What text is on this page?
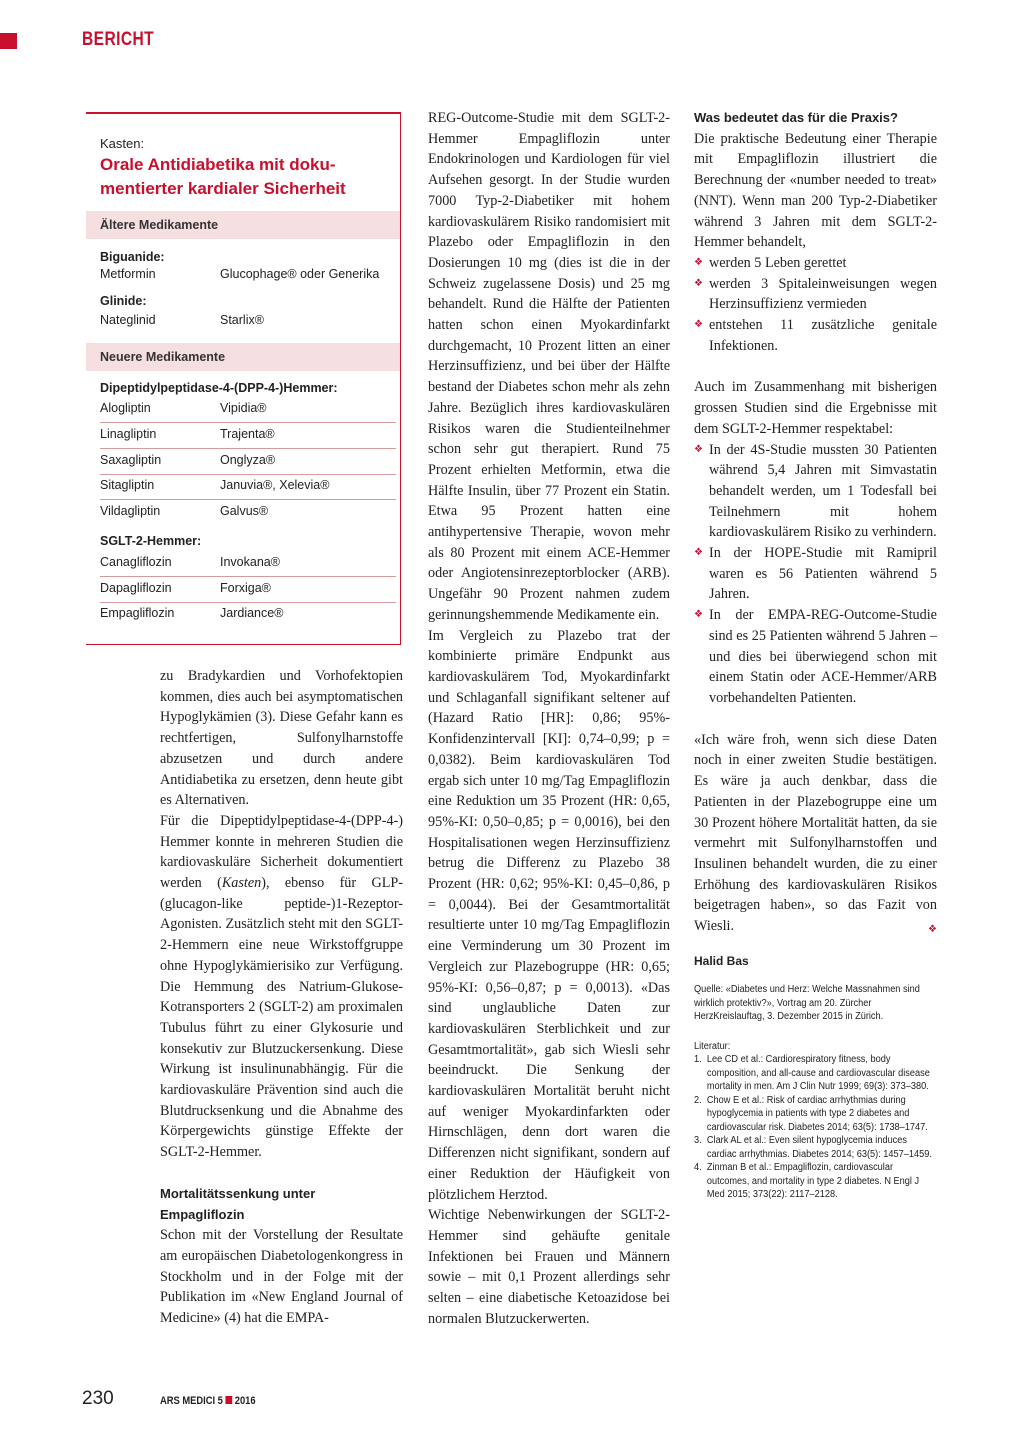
BERICHT
Kasten:
Orale Antidiabetika mit doku-mentierter kardialer Sicherheit
Ältere Medikamente
Biguanide:
Metformin	Glucophage® oder Generika
Glinide:
Nateglinid	Starlix®
Neuere Medikamente
Dipeptidylpeptidase-4-(DPP-4-)Hemmer:
Alogliptin	Vipidia®
Linagliptin	Trajenta®
Saxagliptin	Onglyza®
Sitagliptin	Januvia®, Xelevia®
Vildagliptin	Galvus®
SGLT-2-Hemmer:
Canagliflozin	Invokana®
Dapagliflozin	Forxiga®
Empagliflozin	Jardiance®

zu Bradykardien und Vorhofektopien kommen, dies auch bei asymptomatischen Hypoglykämien (3). Diese Gefahr kann es rechtfertigen, Sulfonylharnstoffe abzusetzen und durch andere Antidiabetika zu ersetzen, denn heute gibt es Alternativen.

Für die Dipeptidylpeptidase-4-(DPP-4-) Hemmer konnte in mehreren Studien die kardiovaskuläre Sicherheit dokumentiert werden (Kasten), ebenso für GLP-(glucagon-like peptide-)1-Rezeptor-Agonisten. Zusätzlich steht mit den SGLT-2-Hemmern eine neue Wirkstoffgruppe ohne Hypoglykämierisiko zur Verfügung. Die Hemmung des Natrium-Glukose-Kotransporters 2 (SGLT-2) am proximalen Tubulus führt zu einer Glykosurie und konsekutiv zur Blutzuckersenkung. Diese Wirkung ist insulinunabhängig. Für die kardiovaskuläre Prävention sind auch die Blutdrucksenkung und die Abnahme des Körpergewichts günstige Effekte der SGLT-2-Hemmer.

Mortalitätssenkung unter Empagliflozin

Schon mit der Vorstellung der Resultate am europäischen Diabetologenkongress in Stockholm und in der Folge mit der Publikation im «New England Journal of Medicine» (4) hat die EMPA-

REG-Outcome-Studie mit dem SGLT-2-Hemmer Empagliflozin unter Endokrinologen und Kardiologen für viel Aufsehen gesorgt. In der Studie wurden 7000 Typ-2-Diabetiker mit hohem kardiovaskulärem Risiko randomisiert mit Plazebo oder Empagliflozin in den Dosierungen 10 mg (dies ist die in der Schweiz zugelassene Dosis) und 25 mg behandelt. Rund die Hälfte der Patienten hatten schon einen Myokardinfarkt durchgemacht, 10 Prozent litten an einer Herzinsuffizienz, und bei über der Hälfte bestand der Diabetes schon mehr als zehn Jahre. Bezüglich ihres kardiovaskulären Risikos waren die Studienteilnehmer schon sehr gut therapiert. Rund 75 Prozent erhielten Metformin, etwa die Hälfte Insulin, über 77 Prozent ein Statin. Etwa 95 Prozent hatten eine antihypertensive Therapie, wovon mehr als 80 Prozent mit einem ACE-Hemmer oder Angiotensinrezeptorblocker (ARB). Ungefähr 90 Prozent nahmen zudem gerinnungshemmende Medikamente ein.

Im Vergleich zu Plazebo trat der kombinierte primäre Endpunkt aus kardiovaskulärem Tod, Myokardinfarkt und Schlaganfall signifikant seltener auf (Hazard Ratio [HR]: 0,86; 95%-Konfidenzintervall [KI]: 0,74–0,99; p = 0,0382). Beim kardiovaskulären Tod ergab sich unter 10 mg/Tag Empagliflozin eine Reduktion um 35 Prozent (HR: 0,65, 95%-KI: 0,50–0,85; p = 0,0016), bei den Hospitalisationen wegen Herzinsuffizienz betrug die Differenz zu Plazebo 38 Prozent (HR: 0,62; 95%-KI: 0,45–0,86, p = 0,0044). Bei der Gesamtmortalität resultierte unter 10 mg/Tag Empagliflozin eine Verminderung um 30 Prozent im Vergleich zur Plazebogruppe (HR: 0,65; 95%-KI: 0,56–0,87; p = 0,0013). «Das sind unglaubliche Daten zur kardiovaskulären Sterblichkeit und zur Gesamtmortalität», gab sich Wiesli sehr beeindruckt. Die Senkung der kardiovaskulären Mortalität beruht nicht auf weniger Myokardinfarkten oder Hirnschlägen, denn dort waren die Differenzen nicht signifikant, sondern auf einer Reduktion der Häufigkeit von plötzlichem Herztod.

Wichtige Nebenwirkungen der SGLT-2-Hemmer sind gehäufte genitale Infektionen bei Frauen und Männern sowie – mit 0,1 Prozent allerdings sehr selten – eine diabetische Ketoazidose bei normalen Blutzuckerwerten.

Was bedeutet das für die Praxis?

Die praktische Bedeutung einer Therapie mit Empagliflozin illustriert die Berechnung der «number needed to treat» (NNT). Wenn man 200 Typ-2-Diabetiker während 3 Jahren mit dem SGLT-2-Hemmer behandelt,

❖ werden 5 Leben gerettet
❖ werden 3 Spitaleinweisungen wegen Herzinsuffizienz vermieden
❖ entstehen 11 zusätzliche genitale Infektionen.

Auch im Zusammenhang mit bisherigen grossen Studien sind die Ergebnisse mit dem SGLT-2-Hemmer respektabel:

❖ In der 4S-Studie mussten 30 Patienten während 5,4 Jahren mit Simvastatin behandelt werden, um 1 Todesfall bei Teilnehmern mit hohem kardiovaskulärem Risiko zu verhindern.
❖ In der HOPE-Studie mit Ramipril waren es 56 Patienten während 5 Jahren.
❖ In der EMPA-REG-Outcome-Studie sind es 25 Patienten während 5 Jahren – und dies bei überwiegend schon mit einem Statin oder ACE-Hemmer/ARB vorbehandelten Patienten.

«Ich wäre froh, wenn sich diese Daten noch in einer zweiten Studie bestätigen. Es wäre ja auch denkbar, dass die Patienten in der Plazebogruppe eine um 30 Prozent höhere Mortalität hatten, da sie vermehrt mit Sulfonylharnstoffen und Insulinen behandelt wurden, die zu einer Erhöhung des kardiovaskulären Risikos beigetragen haben», so das Fazit von Wiesli.	❖

Halid Bas
Quelle: «Diabetes und Herz: Welche Massnahmen sind wirklich protektiv?», Vortrag am 20. Zürcher HerzKreislauftag, 3. Dezember 2015 in Zürich.
Literatur:
1. Lee CD et al.: Cardiorespiratory fitness, body composition, and all-cause and cardiovascular disease mortality in men. Am J Clin Nutr 1999; 69(3): 373–380.
2. Chow E et al.: Risk of cardiac arrhythmias during hypoglycemia in patients with type 2 diabetes and cardiovascular risk. Diabetes 2014; 63(5): 1738–1747.
3. Clark AL et al.: Even silent hypoglycemia induces cardiac arrhythmias. Diabetes 2014; 63(5): 1457–1459.
4. Zinman B et al.: Empagliflozin, cardiovascular outcomes, and mortality in type 2 diabetes. N Engl J Med 2015; 373(22): 2117–2128.
230	ARS MEDICI 5 2016
